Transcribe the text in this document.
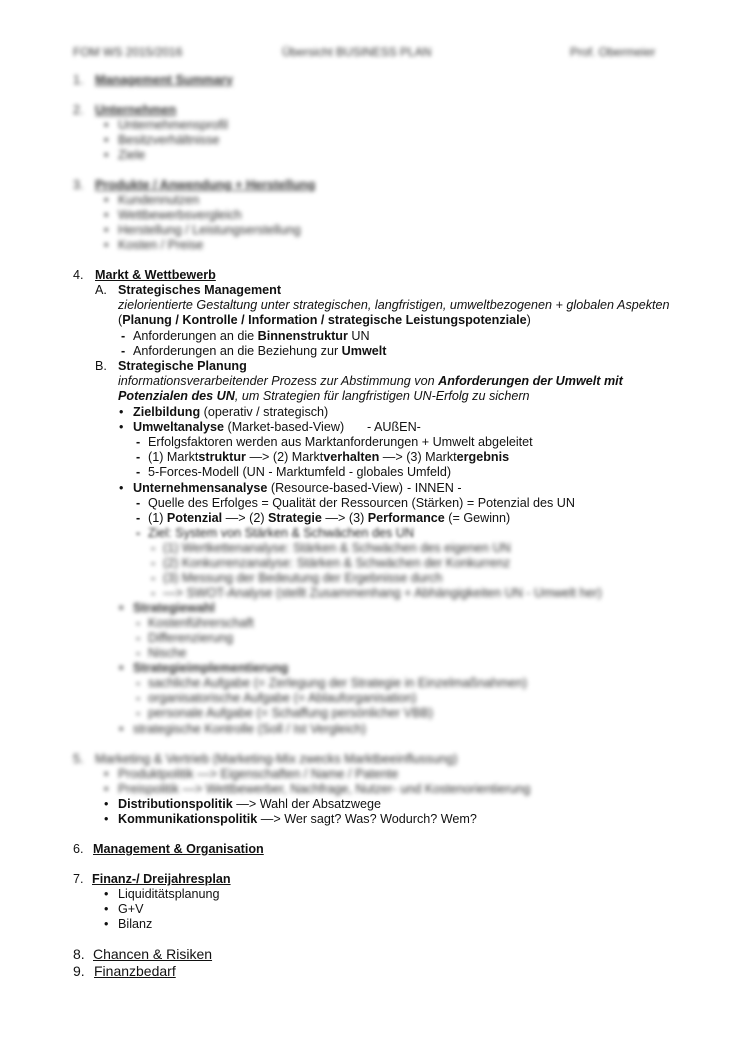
FOM WS 2015/2016	Übersicht BUSINESS PLAN	Prof. Obermeier
1. Management Summary
2. Unternehmen
• Unternehmensprofil
• Besitzverhältnisse
• Ziele
3. Produkte / Anwendung + Herstellung
• Kundennutzen
• Wettbewerbsvergleich
• Herstellung / Leistungserstellung
• Kosten / Preise
4. Markt & Wettbewerb
A. Strategisches Management
zielorientierte Gestaltung unter strategischen, langfristigen, umweltbezogenen + globalen Aspekten
(Planung / Kontrolle / Information / strategische Leistungspotenziale)
- Anforderungen an die Binnenstruktur UN
- Anforderungen an die Beziehung zur Umwelt
B. Strategische Planung
informationsverarbeitender Prozess zur Abstimmung von Anforderungen der Umwelt mit
Potenzialen des UN, um Strategien für langfristigen UN-Erfolg zu sichern
• Zielbildung (operativ / strategisch)
• Umweltanalyse (Market-based-View) - AUßEN-
- Erfolgsfaktoren werden aus Marktanforderungen + Umwelt abgeleitet
- (1) Marktstruktur —> (2) Marktverhalten —> (3) Marktergebnis
- 5-Forces-Modell (UN - Marktumfeld - globales Umfeld)
• Unternehmensanalyse (Resource-based-View) - INNEN -
- Quelle des Erfolges = Qualität der Ressourcen (Stärken) = Potenzial des UN
- (1) Potenzial —> (2) Strategie —> (3) Performance (= Gewinn)
- Ziel: System von Stärken & Schwächen des UN
- (1) Wertkettenanalyse: Stärken & Schwächen des eigenen UN
- (2) Konkurrenzanalyse: Stärken & Schwächen der Konkurrenz
- (3) Messung der Bedeutung der Ergebnisse durch
- —> SWOT-Analyse (stellt Zusammenhang + Abhängigkeiten UN - Umwelt her)
• Strategiewahl
- Kostenführerschaft
- Differenzierung
- Nische
• Strategieimplementierung
- sachliche Aufgabe (= Zerlegung der Strategie in Einzelmaßnahmen)
- organisatorische Aufgabe (= Ablauforganisation)
- personale Aufgabe (= Schaffung persönlicher VBB)
• strategische Kontrolle (Soll / Ist Vergleich)
5. Marketing & Vertrieb (Marketing-Mix zwecks Marktbeeinflussung)
• Produktpolitik —> Eigenschaften / Name / Patente
• Preispolitik —> Wettbewerber, Nachfrage, Nutzer- und Kostenorientierung
• Distributionspolitik —> Wahl der Absatzwege
• Kommunikationspolitik —> Wer sagt? Was? Wodurch? Wem?
6. Management & Organisation
7. Finanz-/ Dreijahresplan
• Liquiditätsplanung
• G+V
• Bilanz
8. Chancen & Risiken
9. Finanzbedarf
